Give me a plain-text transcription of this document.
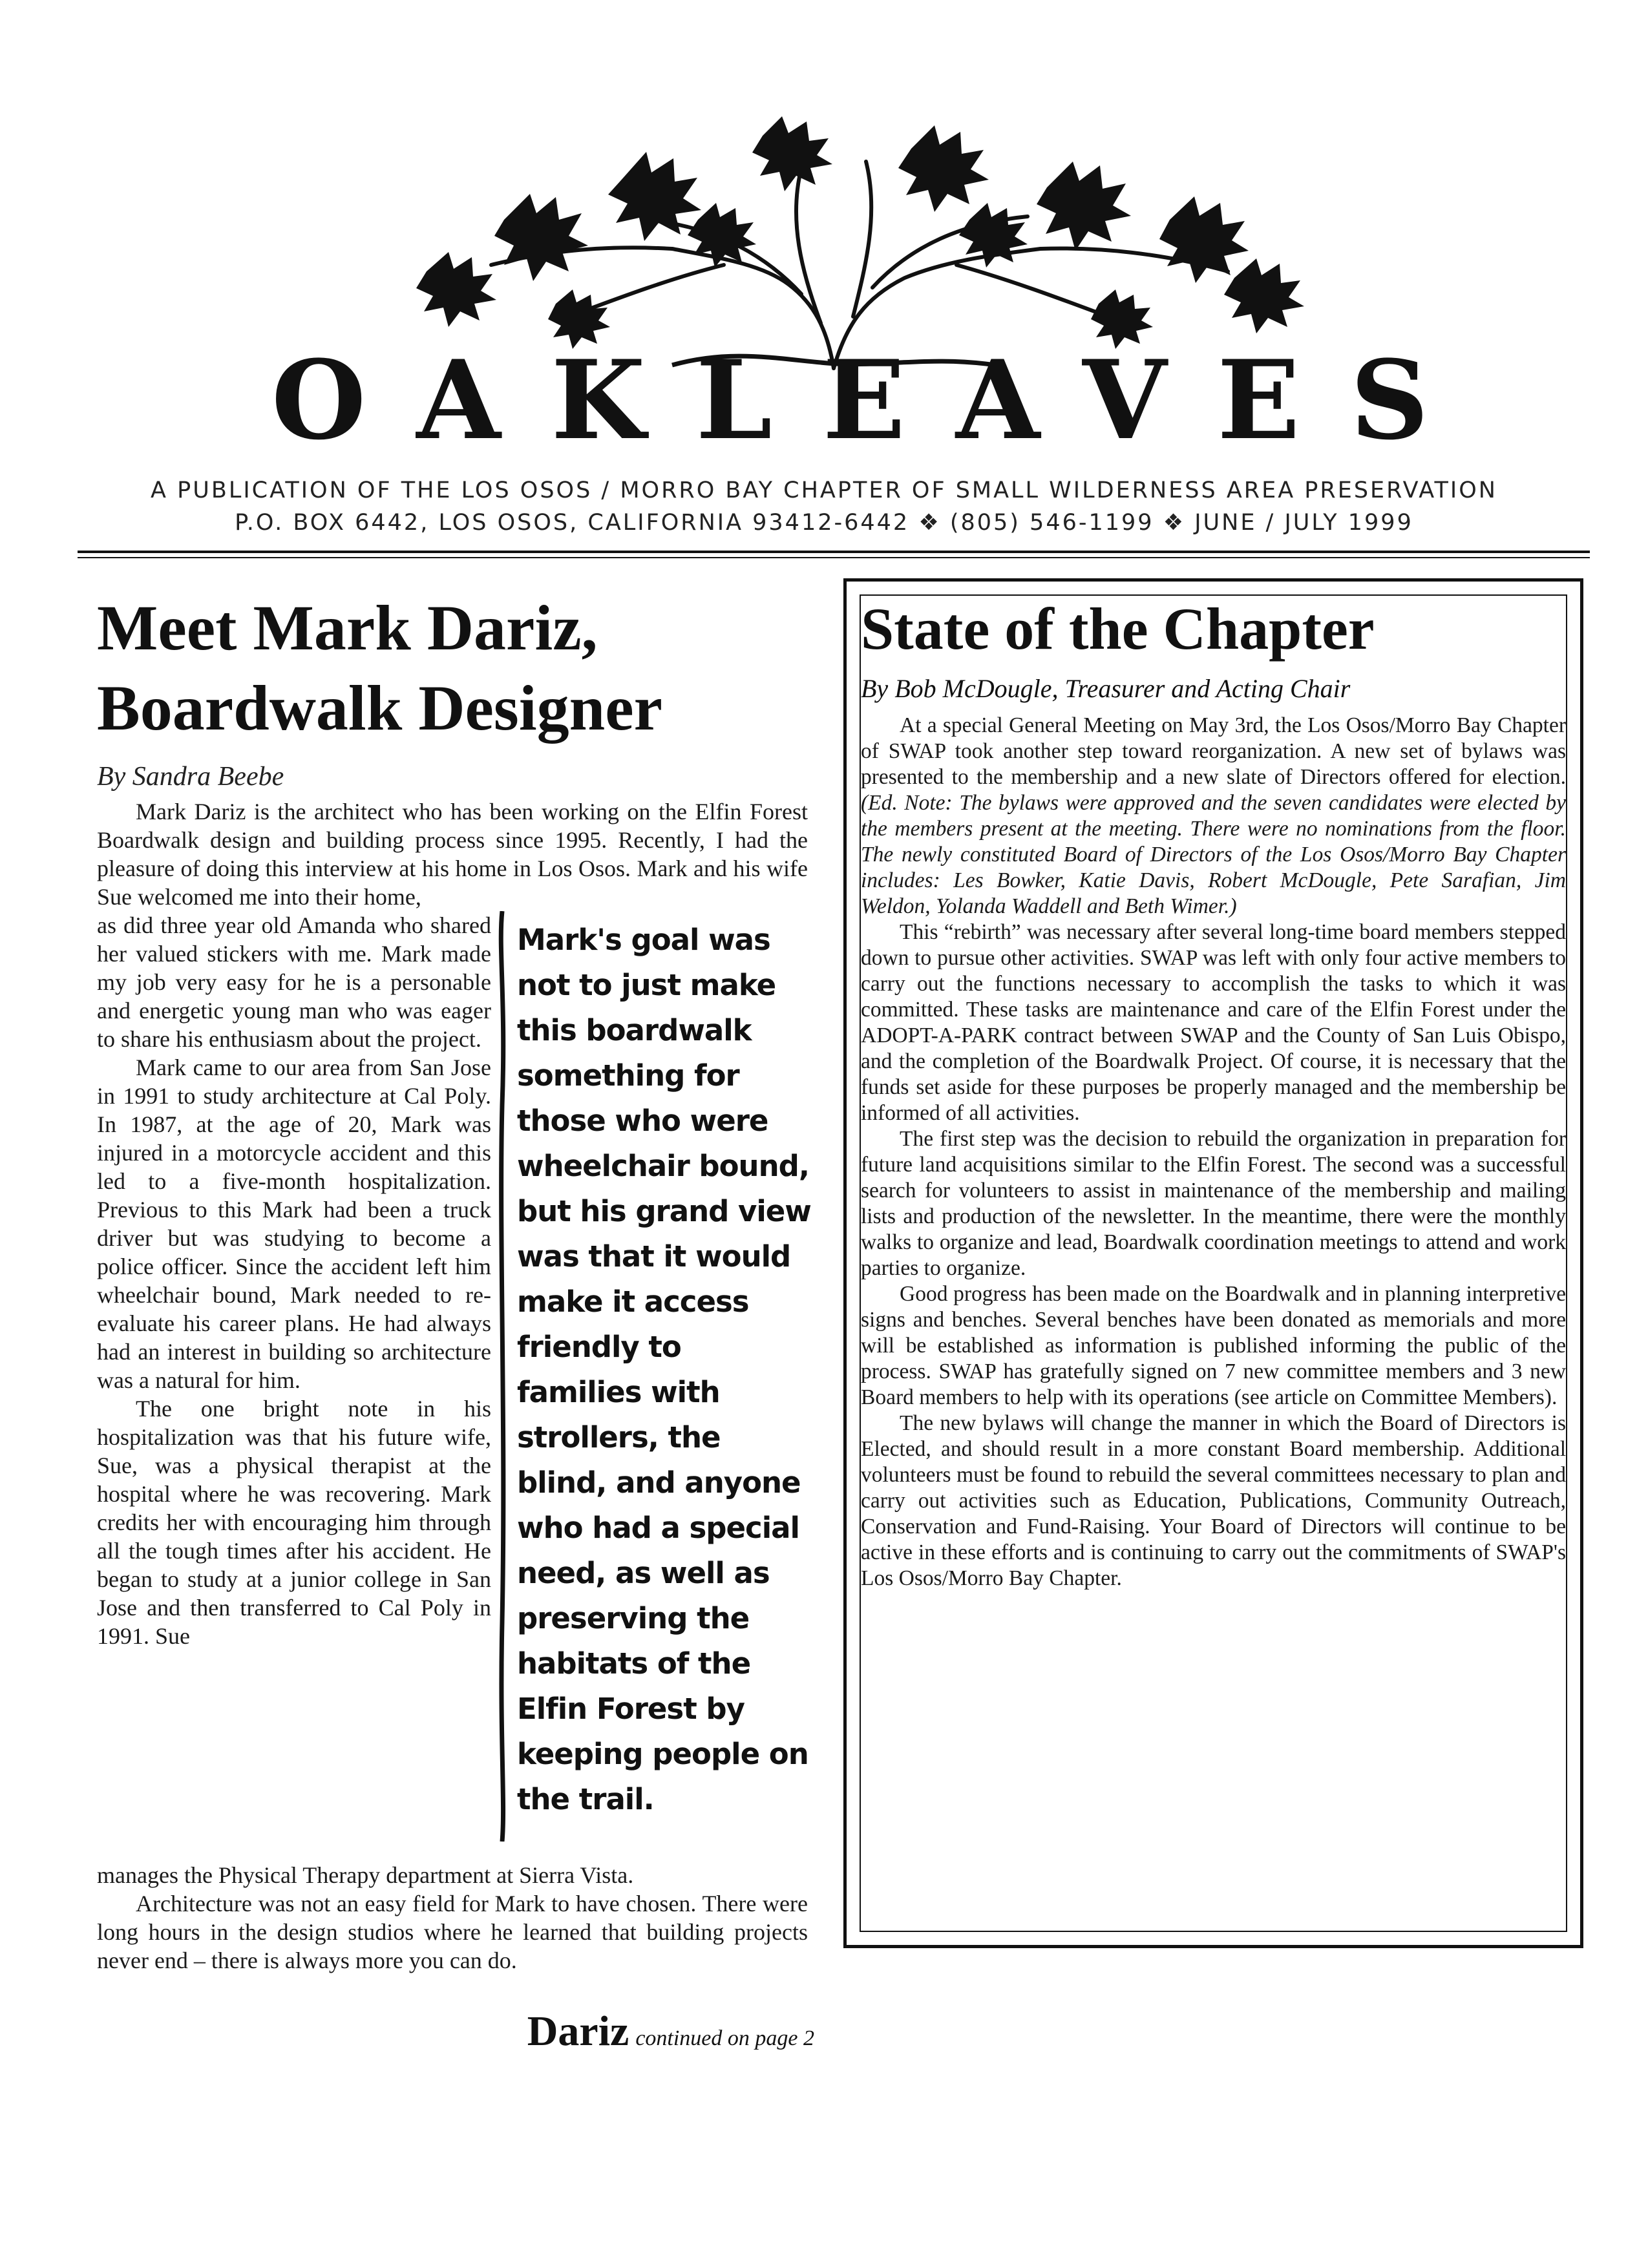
OAKLEAVES
A PUBLICATION OF THE LOS OSOS / MORRO BAY CHAPTER OF SMALL WILDERNESS AREA PRESERVATION
P.O. BOX 6442, LOS OSOS, CALIFORNIA 93412-6442 ❖ (805) 546-1199 ❖ JUNE / JULY 1999
Meet Mark Dariz,
Boardwalk Designer
By Sandra Beebe

Mark Dariz is the architect who has been working on the Elfin Forest Boardwalk design and building process since 1995. Recently, I had the pleasure of doing this interview at his home in Los Osos. Mark and his wife Sue welcomed me into their home,

as did three year old Amanda who shared her valued stickers with me. Mark made my job very easy for he is a personable and energetic young man who was eager to share his enthusiasm about the project.

Mark came to our area from San Jose in 1991 to study architecture at Cal Poly. In 1987, at the age of 20, Mark was injured in a motorcycle accident and this led to a five-month hospitalization. Previous to this Mark had been a truck driver but was studying to become a police officer. Since the accident left him wheelchair bound, Mark needed to re-evaluate his career plans. He had always had an interest in building so architecture was a natural for him.

The one bright note in his hospitalization was that his future wife, Sue, was a physical therapist at the hospital where he was recovering. Mark credits her with encouraging him through all the tough times after his accident. He began to study at a junior college in San Jose and then transferred to Cal Poly in 1991. Sue

Mark's goal was not to just make this boardwalk something for those who were wheelchair bound, but his grand view was that it would make it access friendly to families with strollers, the blind, and anyone who had a special need, as well as preserving the habitats of the Elfin Forest by keeping people on the trail.

manages the Physical Therapy department at Sierra Vista.

Architecture was not an easy field for Mark to have chosen. There were long hours in the design studios where he learned that building projects never end – there is always more you can do.

Dariz continued on page 2
State of the Chapter
By Bob McDougle, Treasurer and Acting Chair

At a special General Meeting on May 3rd, the Los Osos/Morro Bay Chapter of SWAP took another step toward reorganization. A new set of bylaws was presented to the membership and a new slate of Directors offered for election. (Ed. Note: The bylaws were approved and the seven candidates were elected by the members present at the meeting. There were no nominations from the floor. The newly constituted Board of Directors of the Los Osos/Morro Bay Chapter includes: Les Bowker, Katie Davis, Robert McDougle, Pete Sarafian, Jim Weldon, Yolanda Waddell and Beth Wimer.)

This “rebirth” was necessary after several long-time board members stepped down to pursue other activities. SWAP was left with only four active members to carry out the functions necessary to accomplish the tasks to which it was committed. These tasks are maintenance and care of the Elfin Forest under the ADOPT-A-PARK contract between SWAP and the County of San Luis Obispo, and the completion of the Boardwalk Project. Of course, it is necessary that the funds set aside for these purposes be properly managed and the membership be informed of all activities.

The first step was the decision to rebuild the organization in preparation for future land acquisitions similar to the Elfin Forest. The second was a successful search for volunteers to assist in maintenance of the membership and mailing lists and production of the newsletter. In the meantime, there were the monthly walks to organize and lead, Boardwalk coordination meetings to attend and work parties to organize.

Good progress has been made on the Boardwalk and in planning interpretive signs and benches. Several benches have been donated as memorials and more will be established as information is published informing the public of the process. SWAP has gratefully signed on 7 new committee members and 3 new Board members to help with its operations (see article on Committee Members).

The new bylaws will change the manner in which the Board of Directors is Elected, and should result in a more constant Board membership. Additional volunteers must be found to rebuild the several committees necessary to plan and carry out activities such as Education, Publications, Community Outreach, Conservation and Fund-Raising. Your Board of Directors will continue to be active in these efforts and is continuing to carry out the commitments of SWAP's Los Osos/Morro Bay Chapter.
